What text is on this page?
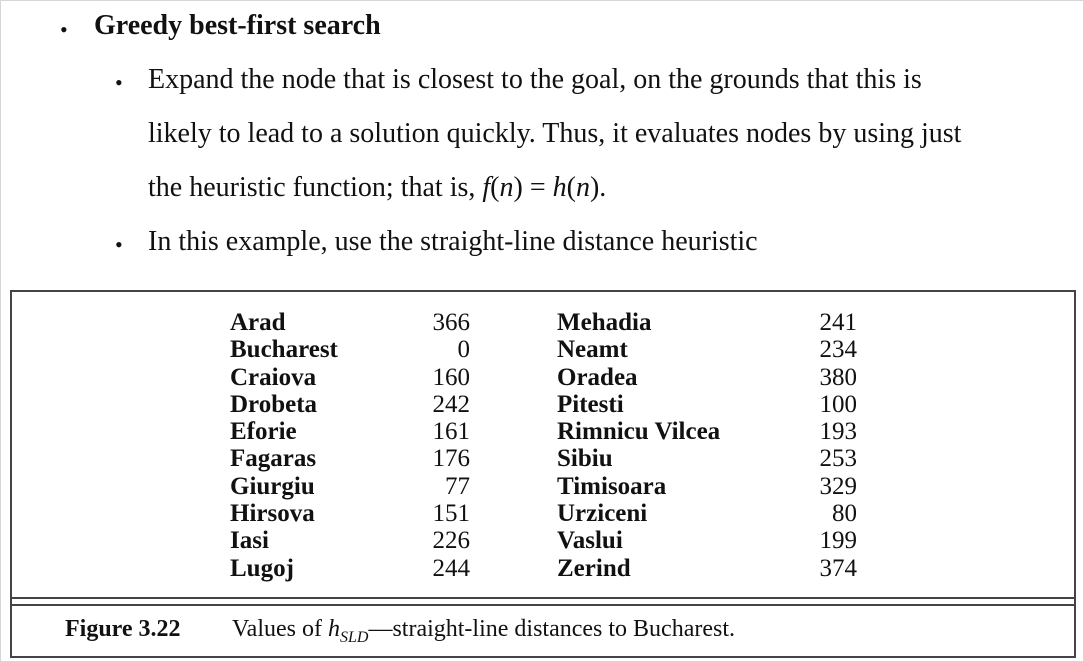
• Greedy best-first search
• Expand the node that is closest to the goal, on the grounds that this is
likely to lead to a solution quickly. Thus, it evaluates nodes by using just
the heuristic function; that is, f(n) = h(n).
• In this example, use the straight-line distance heuristic
Arad
Bucharest
Craiova
Drobeta
Eforie
Fagaras
Giurgiu
Hirsova
Iasi
Lugoj
366
0
160
242
161
176
77
151
226
244
Mehadia
Neamt
Oradea
Pitesti
Rimnicu Vilcea
Sibiu
Timisoara
Urziceni
Vaslui
Zerind
241
234
380
100
193
253
329
80
199
374
Figure 3.22 Values of $h_{SLD}—straight$-line distances to Bucharest.
